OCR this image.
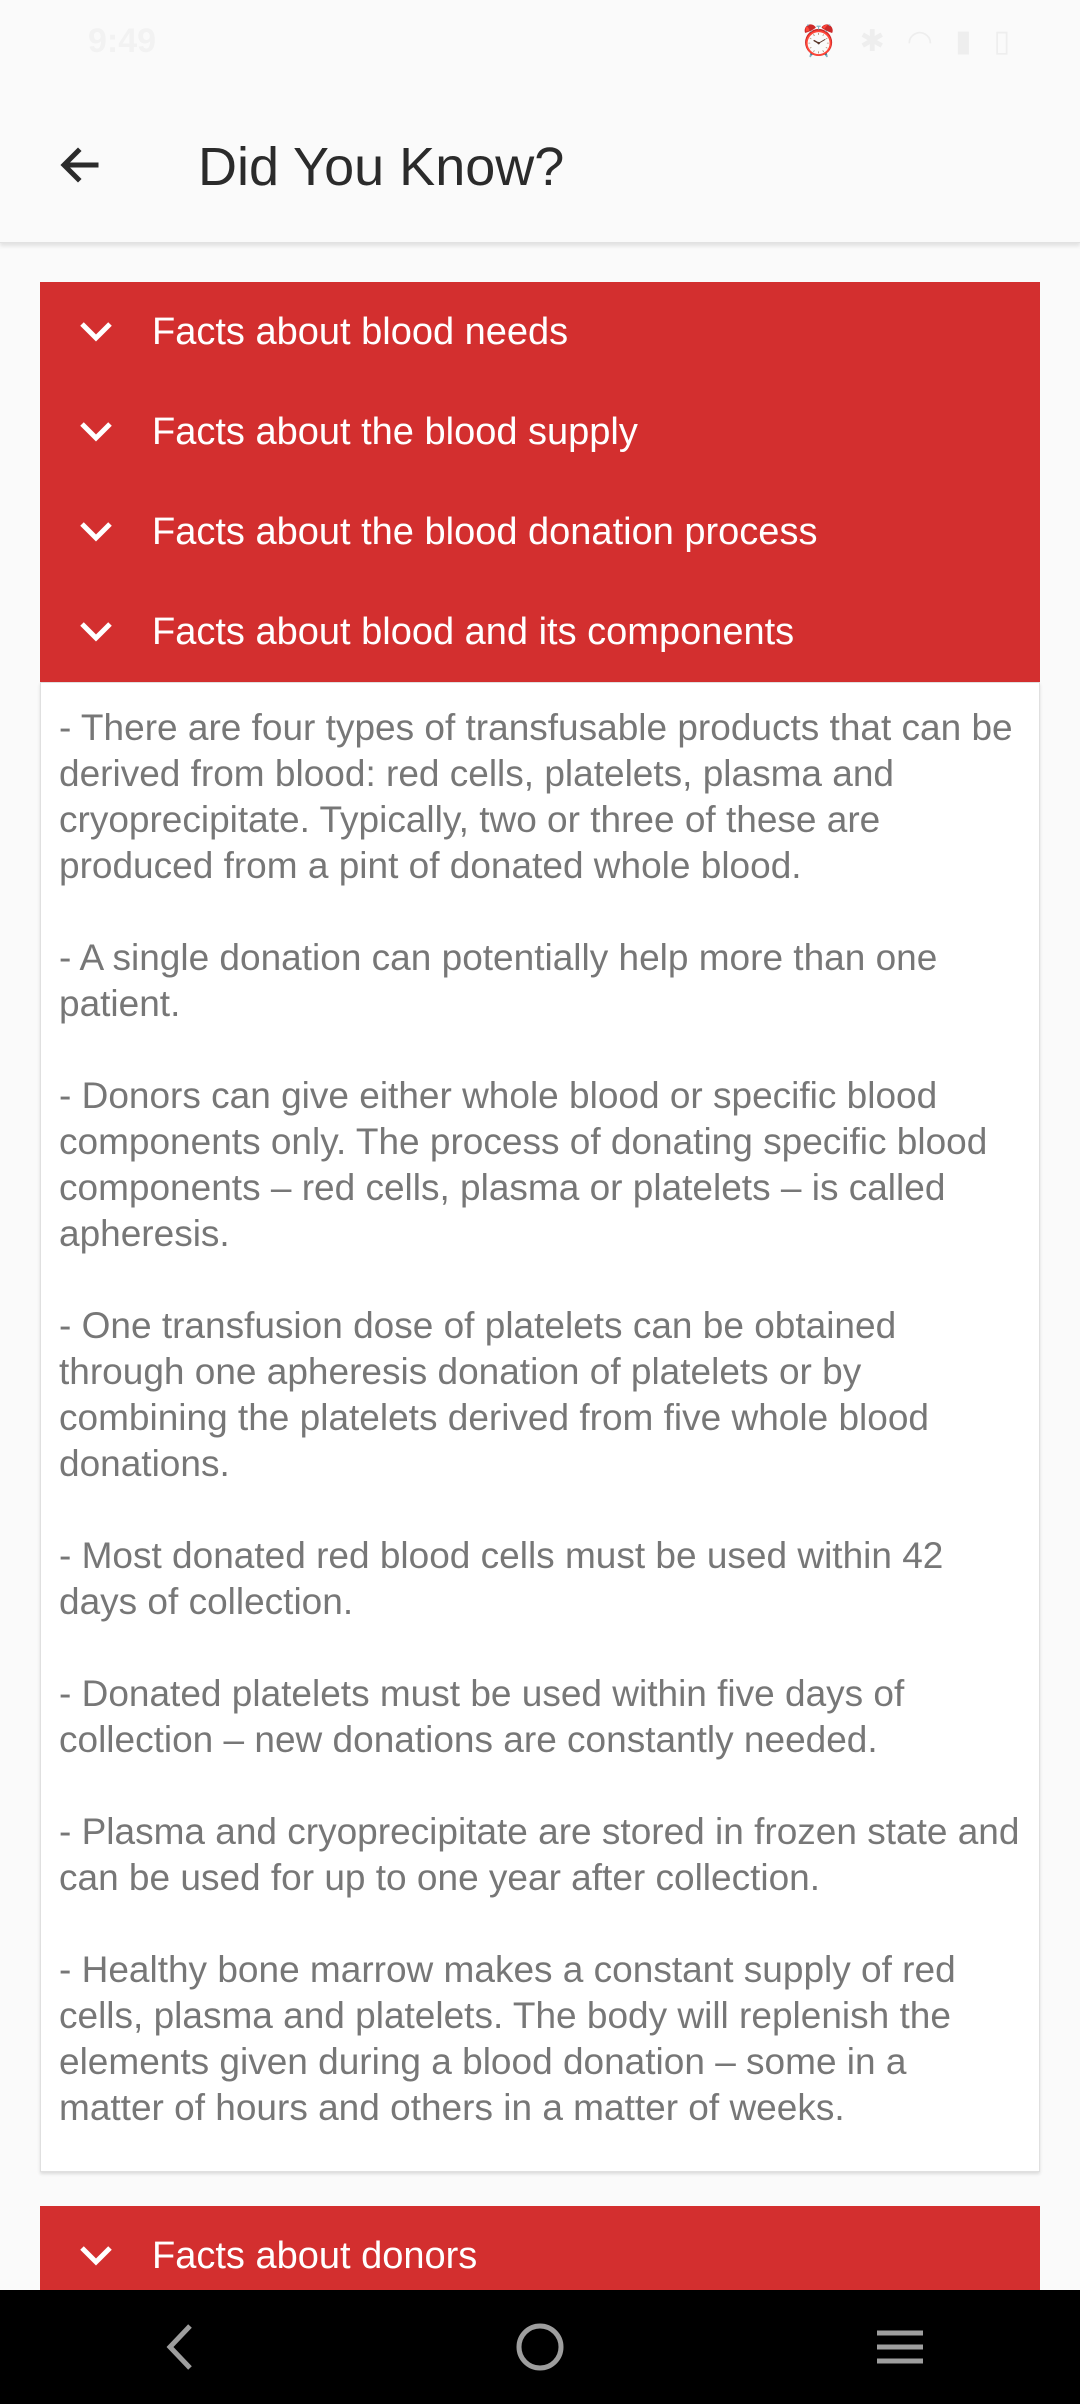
9:49	⏰ ✱ ◠ ▮ ▯
Did You Know?
Facts about blood needs
Facts about the blood supply
Facts about the blood donation process
Facts about blood and its components

- There are four types of transfusable products that can be derived from blood: red cells, platelets, plasma and cryoprecipitate. Typically, two or three of these are produced from a pint of donated whole blood.

- A single donation can potentially help more than one patient.

- Donors can give either whole blood or specific blood components only. The process of donating specific blood components – red cells, plasma or platelets – is called apheresis.

- One transfusion dose of platelets can be obtained through one apheresis donation of platelets or by combining the platelets derived from five whole blood donations.

- Most donated red blood cells must be used within 42 days of collection.

- Donated platelets must be used within five days of collection – new donations are constantly needed.

- Plasma and cryoprecipitate are stored in frozen state and can be used for up to one year after collection.

- Healthy bone marrow makes a constant supply of red cells, plasma and platelets. The body will replenish the elements given during a blood donation – some in a matter of hours and others in a matter of weeks.

Facts about donors
